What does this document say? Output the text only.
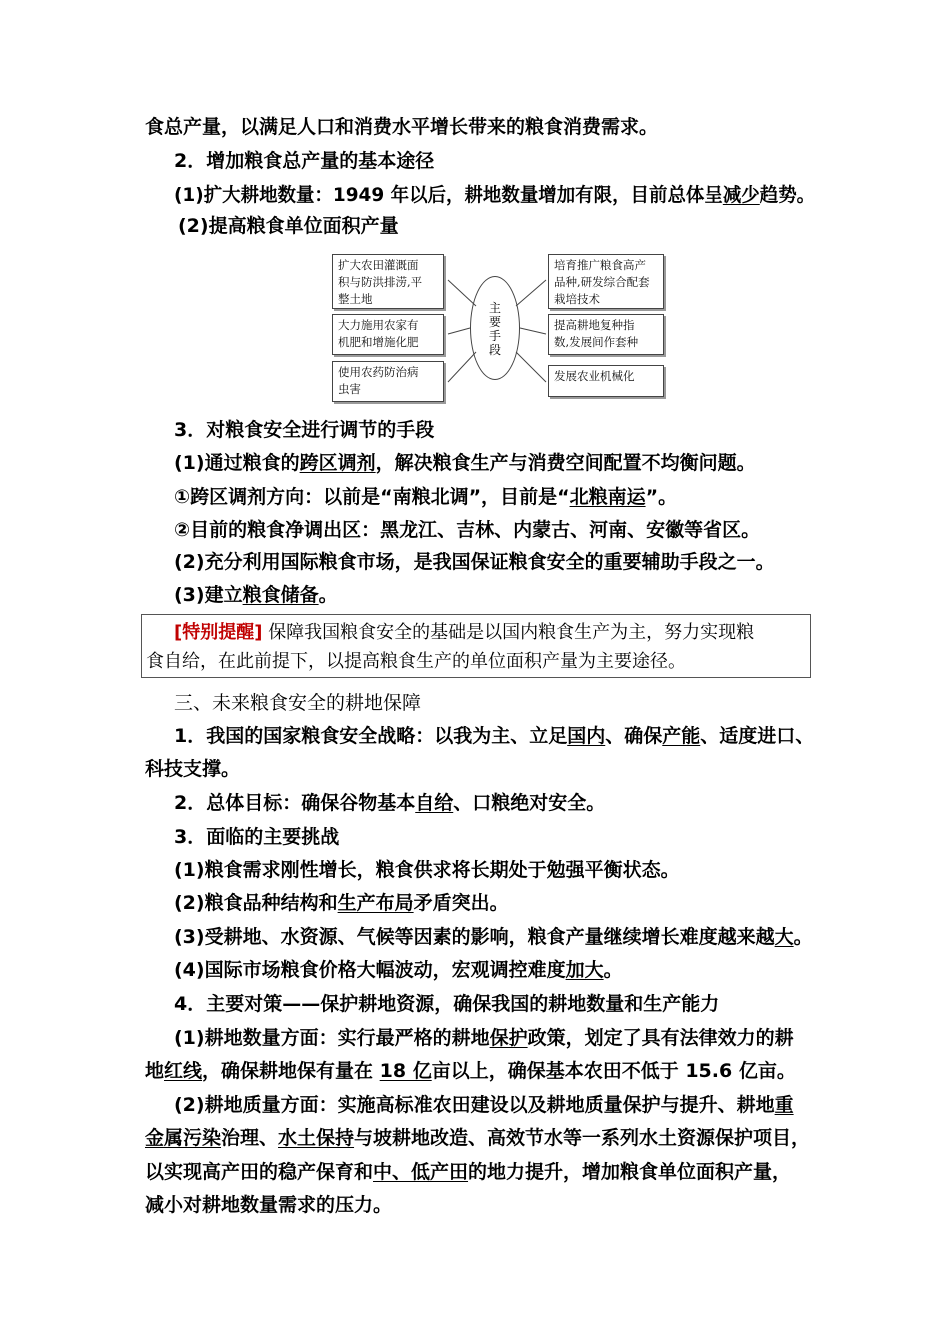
食总产量，以满足人口和消费水平增长带来的粮食消费需求。
2．增加粮食总产量的基本途径
(1)扩大耕地数量：1949 年以后，耕地数量增加有限，目前总体呈减少趋势。
(2)提高粮食单位面积产量
扩大农田灌溉面
积与防洪排涝,平
整土地
大力施用农家有
机肥和增施化肥
使用农药防治病
虫害
主
要
手
段
培育推广粮食高产
品种,研发综合配套
栽培技术
提高耕地复种指
数,发展间作套种
发展农业机械化
3．对粮食安全进行调节的手段
(1)通过粮食的跨区调剂，解决粮食生产与消费空间配置不均衡问题。
①跨区调剂方向：以前是“南粮北调”，目前是“北粮南运”。
②目前的粮食净调出区：黑龙江、吉林、内蒙古、河南、安徽等省区。
(2)充分利用国际粮食市场，是我国保证粮食安全的重要辅助手段之一。
(3)建立粮食储备。
[特别提醒] 保障我国粮食安全的基础是以国内粮食生产为主，努力实现粮
食自给，在此前提下，以提高粮食生产的单位面积产量为主要途径。
三、未来粮食安全的耕地保障
1．我国的国家粮食安全战略：以我为主、立足国内、确保产能、适度进口、
科技支撑。
2．总体目标：确保谷物基本自给、口粮绝对安全。
3．面临的主要挑战
(1)粮食需求刚性增长，粮食供求将长期处于勉强平衡状态。
(2)粮食品种结构和生产布局矛盾突出。
(3)受耕地、水资源、气候等因素的影响，粮食产量继续增长难度越来越大。
(4)国际市场粮食价格大幅波动，宏观调控难度加大。
4．主要对策——保护耕地资源，确保我国的耕地数量和生产能力
(1)耕地数量方面：实行最严格的耕地保护政策，划定了具有法律效力的耕
地红线，确保耕地保有量在 18 亿亩以上，确保基本农田不低于 15.6 亿亩。
(2)耕地质量方面：实施高标准农田建设以及耕地质量保护与提升、耕地重
金属污染治理、水土保持与坡耕地改造、高效节水等一系列水土资源保护项目，
以实现高产田的稳产保育和中、低产田的地力提升，增加粮食单位面积产量，
减小对耕地数量需求的压力。
